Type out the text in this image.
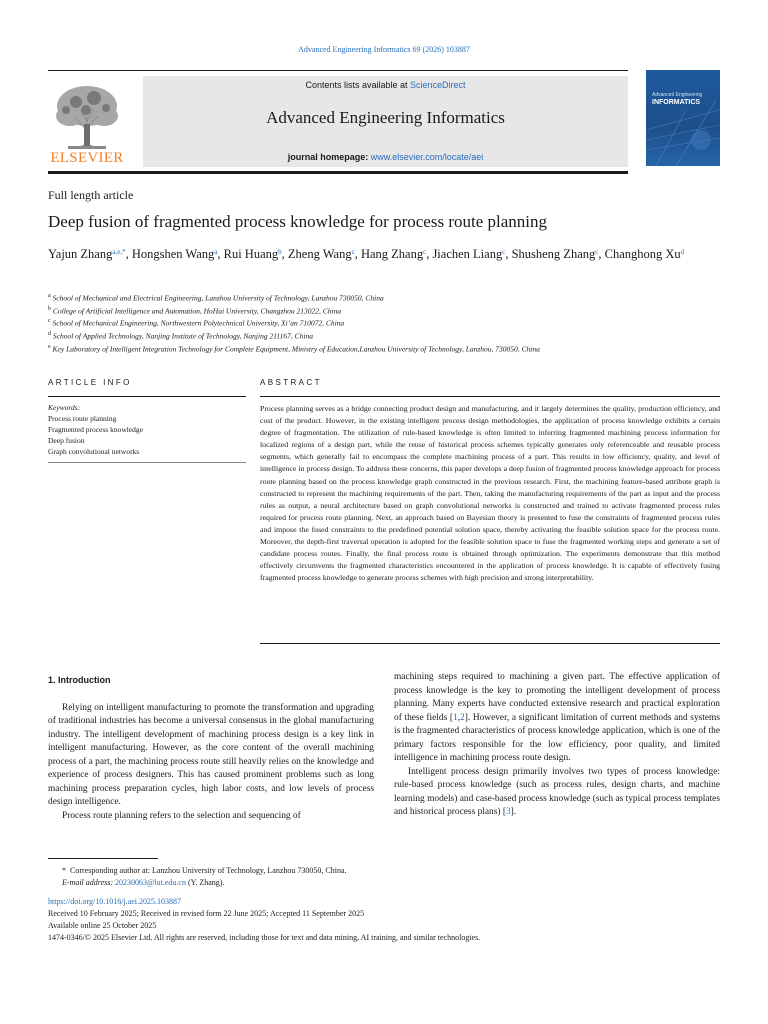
Advanced Engineering Informatics 69 (2026) 103887
ELSEVIER
Contents lists available at ScienceDirect
Advanced Engineering Informatics
journal homepage: www.elsevier.com/locate/aei
Advanced Engineering
INFORMATICS
Full length article
Deep fusion of fragmented process knowledge for process route planning
Yajun Zhang$^{a,e,*}$, Hongshen Wang$^a$, Rui Huang$^b$, Zheng Wang$^c$, Hang Zhang$^c$, Jiachen Liang$^c$, Shusheng Zhang$^c$, Changhong Xu$^d$
$^a$ School of Mechanical and Electrical Engineering, Lanzhou University of Technology, Lanzhou 730050, China
$^b$ College of Artificial Intelligence and Automation, HoHai University, Changzhou 213022, China
$^c$ School of Mechanical Engineering, Northwestern Polytechnical University, Xi’an 710072, China
$^d$ School of Applied Technology, Nanjing Institute of Technology, Nanjing 211167, China
$^e$ Key Laboratory of Intelligent Integration Technology for Complete Equipment, Ministry of Education,Lanzhou University of Technology, Lanzhou, 730050, China
ARTICLE INFO	ABSTRACT
Keywords:
Process route planning
Fragmented process knowledge
Deep fusion
Graph convolutional networks
Process planning serves as a bridge connecting product design and manufacturing, and it largely determines the quality, production efficiency, and cost of the product. However, in the existing intelligent process design methodologies, the application of process knowledge exhibits a certain degree of fragmentation. The utilization of rule-based knowledge is often limited to inferring fragmented machining process information for localized regions of a design part, while the reuse of historical process schemes typically generates only referenceable and reusable process segments, which generally fail to encompass the complete machining process of a part. This results in low efficiency, quality, and level of intelligence in process design. To address these concerns, this paper develops a deep fusion of fragmented process knowledge approach for process route planning based on the process knowledge graph constructed in the previous research. First, the machining feature-based attribute graph is constructed to represent the machining requirements of the part. Then, taking the manufacturing requirements of the part as input and the process rules as output, a neural architecture based on graph convolutional networks is constructed and trained to activate fragmented process rules required for process route planning. Next, an approach based on Bayesian theory is presented to fuse the constraints of fragmented process rules and impose the fused constraints to the predefined potential solution space, thereby activating the feasible solution space for the process route. Moreover, the depth-first traversal operation is adopted for the feasible solution space to fuse the fragmented working steps and generate a set of candidate process routes. Finally, the final process route is obtained through optimization. The experiments demonstrate that this method effectively circumvents the fragmented characteristics encountered in the application of process knowledge. It is capable of effectively fusing fragmented process knowledge to generate process schemes with high precision and strong interpretability.
1. Introduction

Relying on intelligent manufacturing to promote the transformation and upgrading of traditional industries has become a universal consensus in the global manufacturing industry. The intelligent development of machining process design is a key link in intelligent manufacturing. However, as the core content of the overall machining process of a part, the machining process route still heavily relies on the knowledge and experience of process designers. This has caused prominent problems such as long machining process preparation cycles, high labor costs, and low levels of process design intelligence.

Process route planning refers to the selection and sequencing of

machining steps required to machining a given part. The effective application of process knowledge is the key to promoting the intelligent development of process planning. Many experts have conducted extensive research and practical exploration of these fields [1,2]. However, a significant limitation of current methods and systems is the fragmented characteristics of process knowledge application, which is one of the primary factors responsible for the low efficiency, poor quality, and limited intelligence in machining process route design.

Intelligent process design primarily involves two types of process knowledge: rule-based process knowledge (such as process rules, design charts, and machine learning models) and case-based process knowledge (such as typical process templates and historical process plans) [3].

* Corresponding author at: Lanzhou University of Technology, Lanzhou 730050, China.
E-mail address: 20230063@lut.edu.cn (Y. Zhang).
https://doi.org/10.1016/j.aei.2025.103887
Received 10 February 2025; Received in revised form 22 June 2025; Accepted 11 September 2025
Available online 25 October 2025
1474-0346/© 2025 Elsevier Ltd. All rights are reserved, including those for text and data mining, AI training, and similar technologies.
